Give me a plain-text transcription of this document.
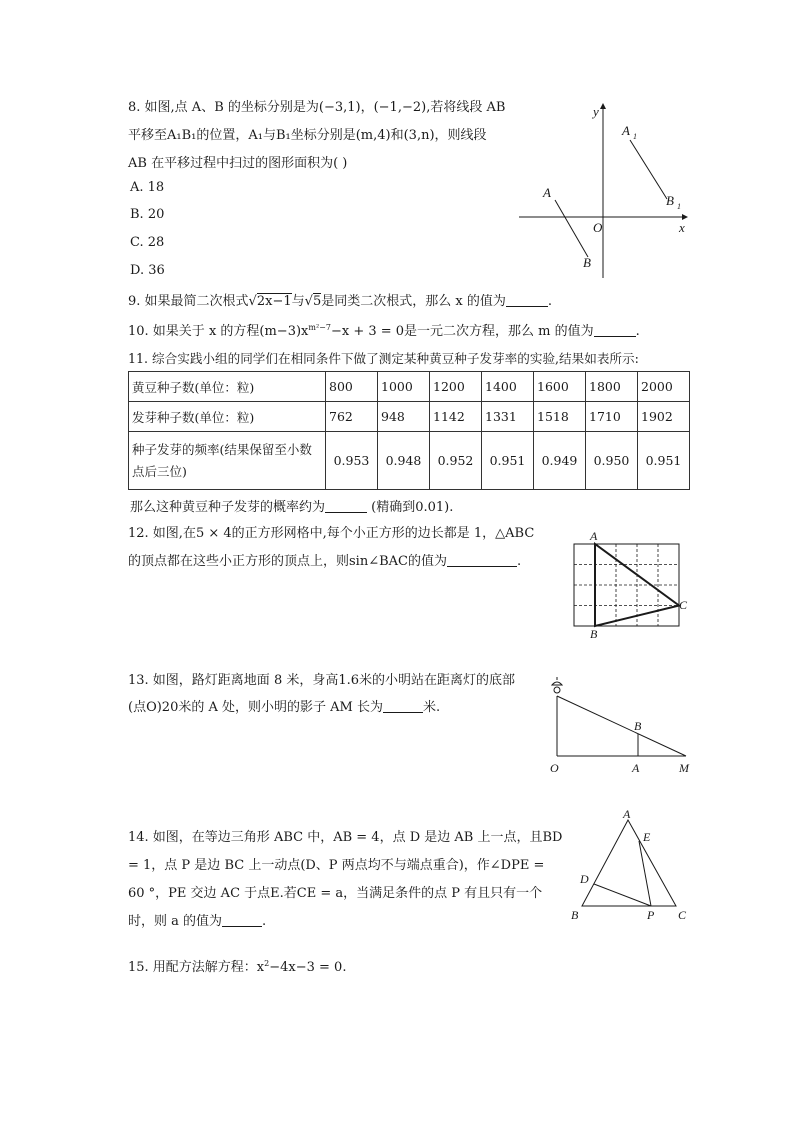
8. 如图,点 A、B 的坐标分别是为(−3,1)，(−1,−2),若将线段 AB
平移至A₁B₁的位置，A₁与B₁坐标分别是(m,4)和(3,n)，则线段
AB 在平移过程中扫过的图形面积为( )
A. 18
B. 20
C. 28
D. 36
y
x
O
A
B
A 1
B 1
9. 如果最简二次根式√2x−1与√5是同类二次根式，那么 x 的值为	.
10. 如果关于 x 的方程$(m-3)x^{m^2-7}-x + 3 = 0$是一元二次方程，那么 m 的值为	.
11. 综合实践小组的同学们在相同条件下做了测定某种黄豆种子发芽率的实验,结果如表所示:
黄豆种子数(单位：粒)	800	1000	1200	1400	1600	1800	2000
发芽种子数(单位：粒)	762	948	1142	1331	1518	1710	1902
种子发芽的频率(结果保留至小数点后三位)	0.953	0.948	0.952	0.951	0.949	0.950	0.951
那么这种黄豆种子发芽的概率约为	(精确到0.01).
12. 如图,在5 × 4的正方形网格中,每个小正方形的边长都是 1，△ABC
的顶点都在这些小正方形的顶点上，则sin∠BAC的值为	.
A
B
C
13. 如图，路灯距离地面 8 米，身高1.6米的小明站在距离灯的底部
(点O)20米的 A 处，则小明的影子 AM 长为	米.
O	A	M
B
14. 如图，在等边三角形 ABC 中，AB = 4，点 D 是边 AB 上一点，且BD
= 1，点 P 是边 BC 上一动点(D、P 两点均不与端点重合)，作∠DPE =
60 °，PE 交边 AC 于点E.若CE = a，当满足条件的点 P 有且只有一个
时，则 a 的值为	.
A
B	C
D
E
P
15. 用配方法解方程：$x^2-4x-3 = 0$.
